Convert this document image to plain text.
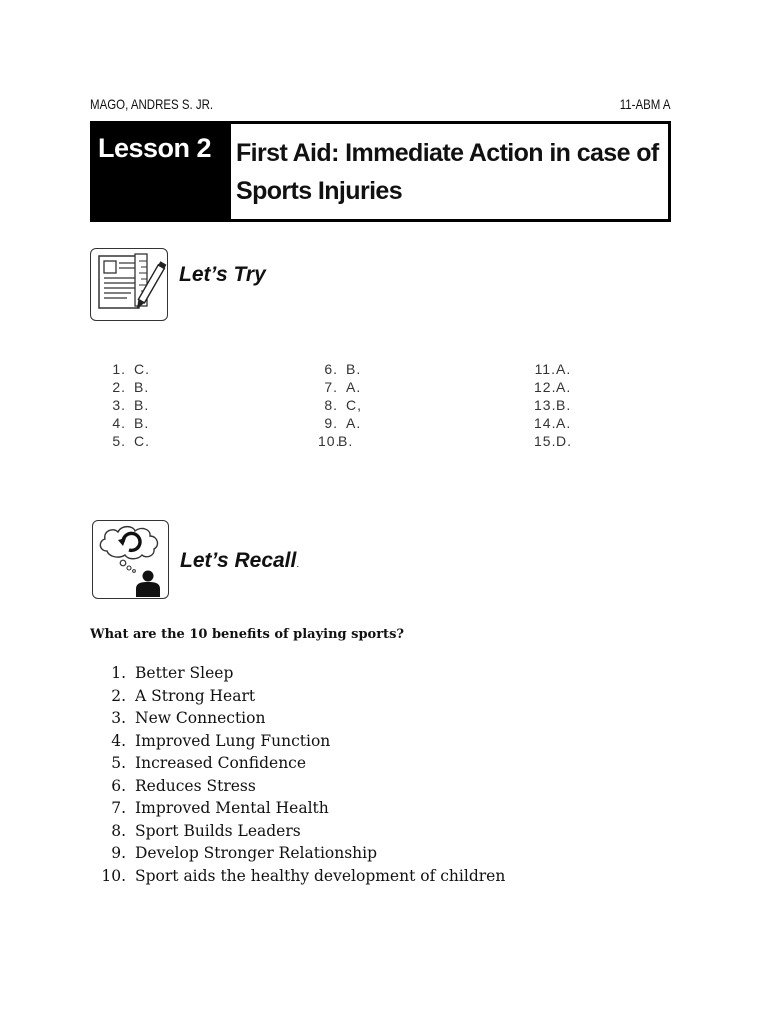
MAGO, ANDRES S. JR.	11-ABM A
Lesson 2 First Aid: Immediate Action in case of Sports Injuries
Let’s Try
1. C.
2. B.
3. B.
4. B.
5. C.
6. B.
7. A.
8. C,
9. A.
10.
B.
11. A.
12. A.
13. B.
14. A.
15. D.
Let’s Recall.
What are the 10 benefits of playing sports?
1. Better Sleep
2. A Strong Heart
3. New Connection
4. Improved Lung Function
5. Increased Confidence
6. Reduces Stress
7. Improved Mental Health
8. Sport Builds Leaders
9. Develop Stronger Relationship
10. Sport aids the healthy development of children
